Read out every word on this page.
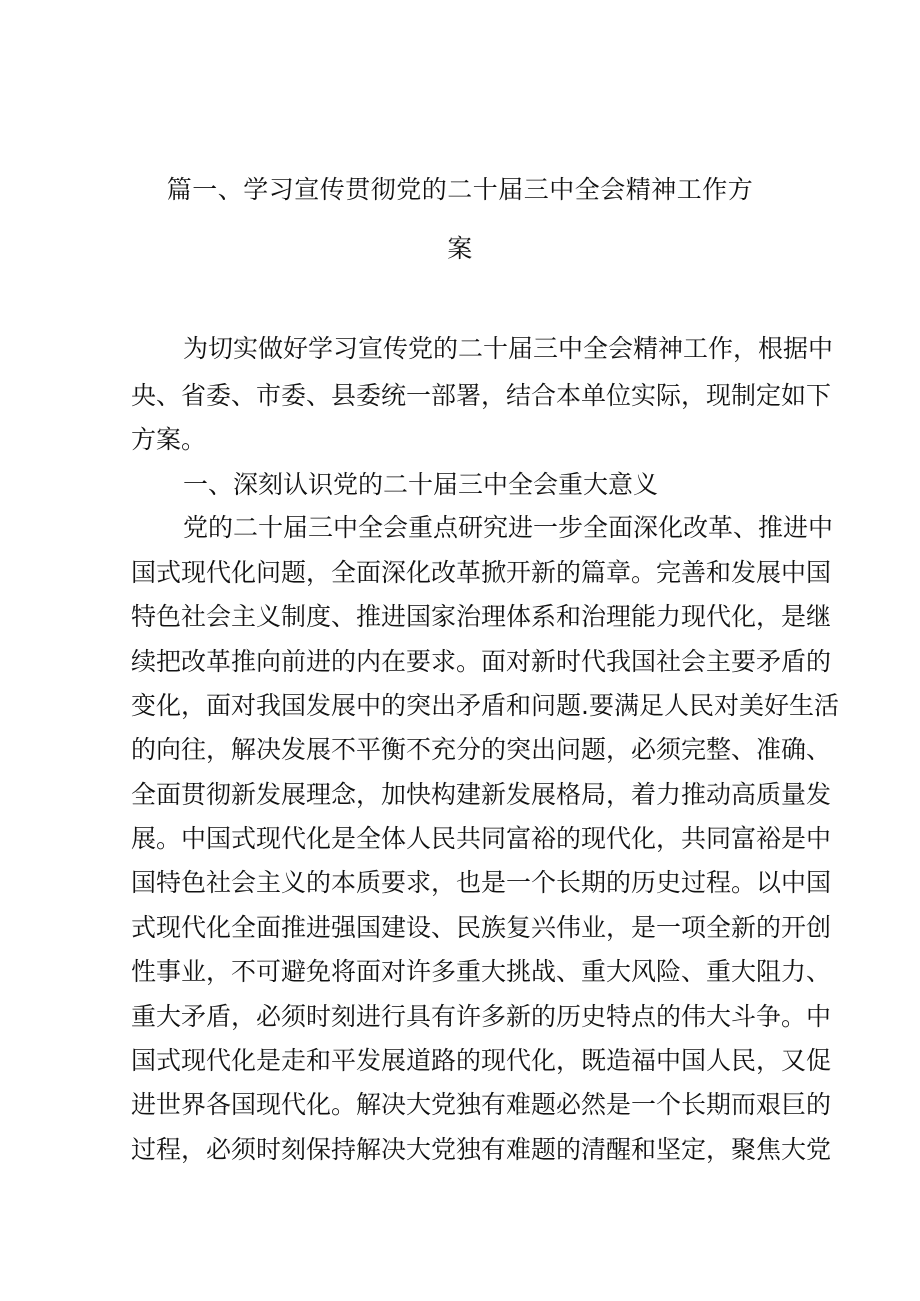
篇一、学习宣传贯彻党的二十届三中全会精神工作方
案
为切实做好学习宣传党的二十届三中全会精神工作，根据中
央、省委、市委、县委统一部署，结合本单位实际，现制定如下
方案。
一、深刻认识党的二十届三中全会重大意义
党的二十届三中全会重点研究进一步全面深化改革、推进中
国式现代化问题，全面深化改革掀开新的篇章。完善和发展中国
特色社会主义制度、推进国家治理体系和治理能力现代化，是继
续把改革推向前进的内在要求。面对新时代我国社会主要矛盾的
变化，面对我国发展中的突出矛盾和问题.要满足人民对美好生活
的向往，解决发展不平衡不充分的突出问题，必须完整、准确、
全面贯彻新发展理念，加快构建新发展格局，着力推动高质量发
展。中国式现代化是全体人民共同富裕的现代化，共同富裕是中
国特色社会主义的本质要求，也是一个长期的历史过程。以中国
式现代化全面推进强国建设、民族复兴伟业，是一项全新的开创
性事业，不可避免将面对许多重大挑战、重大风险、重大阻力、
重大矛盾，必须时刻进行具有许多新的历史特点的伟大斗争。中
国式现代化是走和平发展道路的现代化，既造福中国人民，又促
进世界各国现代化。解决大党独有难题必然是一个长期而艰巨的
过程，必须时刻保持解决大党独有难题的清醒和坚定，聚焦大党
